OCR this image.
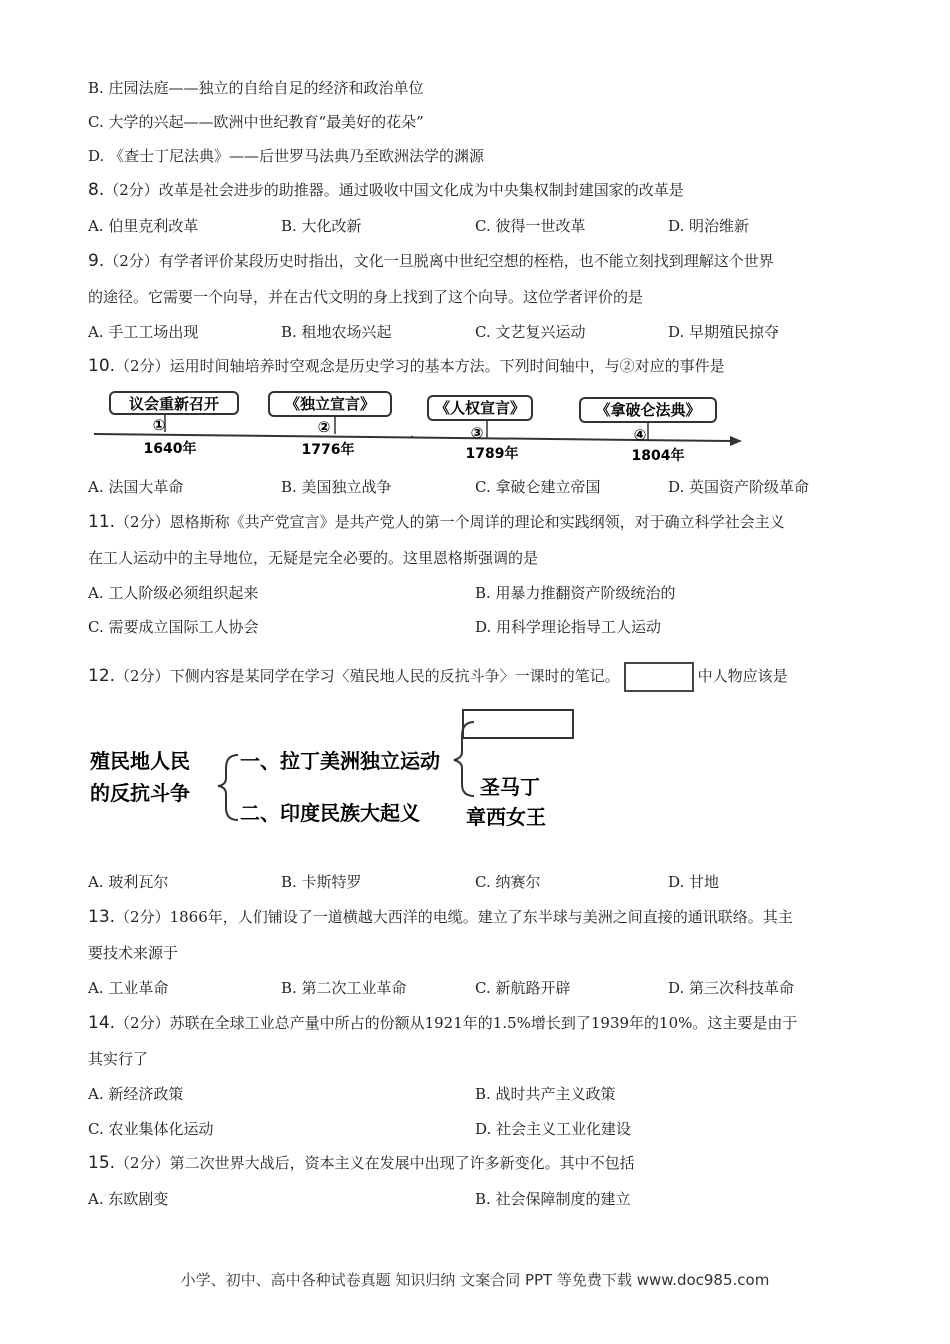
B. 庄园法庭——独立的自给自足的经济和政治单位
C. 大学的兴起——欧洲中世纪教育“最美好的花朵”
D. 《查士丁尼法典》——后世罗马法典乃至欧洲法学的渊源
8.（2分）改革是社会进步的助推器。通过吸收中国文化成为中央集权制封建国家的改革是
A. 伯里克利改革	B. 大化改新	C. 彼得一世改革	D. 明治维新
9.（2分）有学者评价某段历史时指出，文化一旦脱离中世纪空想的桎梏，也不能立刻找到理解这个世界
的途径。它需要一个向导，并在古代文明的身上找到了这个向导。这位学者评价的是
A. 手工工场出现	B. 租地农场兴起	C. 文艺复兴运动	D. 早期殖民掠夺
10.（2分）运用时间轴培养时空观念是历史学习的基本方法。下列时间轴中，与②对应的事件是
议会重新召开
①
1640年
《独立宣言》
②
1776年
《人权宣言》
③
1789年
《拿破仑法典》
④
1804年
A. 法国大革命	B. 美国独立战争	C. 拿破仑建立帝国	D. 英国资产阶级革命
11.（2分）恩格斯称《共产党宣言》是共产党人的第一个周详的理论和实践纲领，对于确立科学社会主义
在工人运动中的主导地位，无疑是完全必要的。这里恩格斯强调的是
A. 工人阶级必须组织起来	B. 用暴力推翻资产阶级统治的
C. 需要成立国际工人协会	D. 用科学理论指导工人运动
12.（2分）下侧内容是某同学在学习〈殖民地人民的反抗斗争〉一课时的笔记。	中人物应该是
殖民地人民
的反抗斗争
一、拉丁美洲独立运动
二、印度民族大起义
圣马丁
章西女王
A. 玻利瓦尔	B. 卡斯特罗	C. 纳赛尔	D. 甘地
13.（2分）1866年，人们铺设了一道横越大西洋的电缆。建立了东半球与美洲之间直接的通讯联络。其主
要技术来源于
A. 工业革命	B. 第二次工业革命	C. 新航路开辟	D. 第三次科技革命
14.（2分）苏联在全球工业总产量中所占的份额从1921年的1.5%增长到了1939年的10%。这主要是由于
其实行了
A. 新经济政策	B. 战时共产主义政策
C. 农业集体化运动	D. 社会主义工业化建设
15.（2分）第二次世界大战后，资本主义在发展中出现了许多新变化。其中不包括
A. 东欧剧变	B. 社会保障制度的建立
小学、初中、高中各种试卷真题 知识归纳 文案合同 PPT 等免费下载 www.doc985.com
